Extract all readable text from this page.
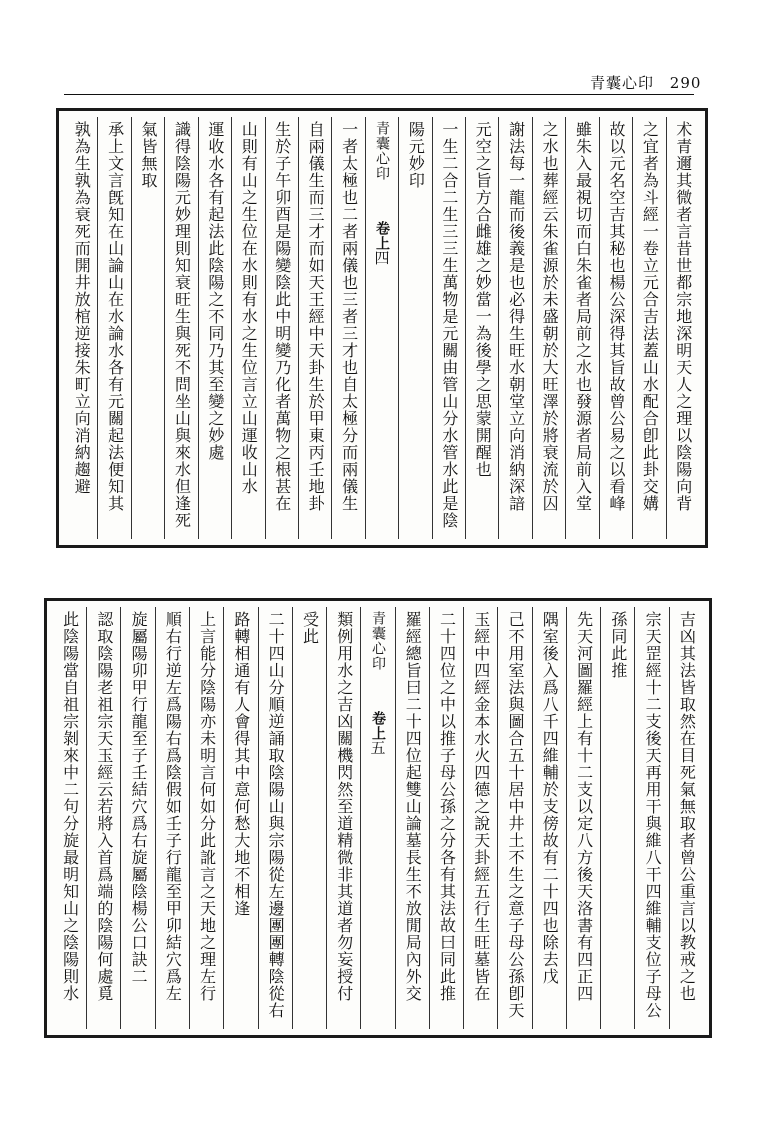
青囊心印 290
术青邇其微者言昔世都宗地深明天人之理以陰陽向背
之宜者為斗經一卷立元合吉法蓋山水配合卽此卦交媾
故以元名空吉其秘也楊公深得其旨故曾公易之以看峰
雖朱入最視切而白朱雀者局前之水也發源者局前入堂
之水也葬經云朱雀源於未盛朝於大旺澤於將衰流於囚
謝法每一龍而後義是也必得生旺水朝堂立向消納深諳
元空之旨方合雌雄之妙當一為後學之思蒙開醒也
一生二合二生三三生萬物是元關由管山分水管水此是陰
陽元妙印
青囊心印
卷上
四
一者太極也二者兩儀也三者三才也自太極分而兩儀生
自兩儀生而三才而如天王經中天卦生於甲東丙壬地卦
生於子午卯酉是陽變陰此中明變乃化者萬物之根甚在
山則有山之生位在水則有水之生位言立山運收山水
運收水各有起法此陰陽之不同乃其至變之妙處
識得陰陽元妙理則知衰旺生與死不問坐山與來水但逢死
氣皆無取
承上文言旣知在山論山在水論水各有元關起法便知其
孰為生孰為衰死而開井放棺逆接朱町立向消納趨避
吉凶其法皆取然在目死氣無取者曾公重言以教戒之也
宗天罡經十二支後天再用干與維八干四維輔支位子母公
孫同此推
先天河圖羅經上有十二支以定八方後天洛書有四正四
隅室後入爲八千四維輔於支傍故有二十四也除去戊
己不用室法與圖合五十居中井土不生之意子母公孫卽天
玉經中四經金本水火四德之說天卦經五行生旺墓皆在
二十四位之中以推子母公孫之分各有其法故曰同此推
羅經總旨曰二十四位起雙山論墓長生不放閒局內外交
青囊心印
卷上
五
類例用水之吉凶關機閃然至道精微非其道者勿妄授付
受此
二十四山分順逆誦取陰陽山與宗陽從左邊團團轉陰從右
路轉相通有人會得其中意何愁大地不相逢
上言能分陰陽亦未明言何如分此訛言之天地之理左行
順右行逆左爲陽右爲陰假如壬子行龍至甲卯結穴爲左
旋屬陽卯甲行龍至子壬結穴爲右旋屬陰楊公口訣二
認取陰陽老祖宗天玉經云若將入首爲端的陰陽何處覓
此陰陽當自祖宗剝來中二句分旋最明知山之陰陽則水
